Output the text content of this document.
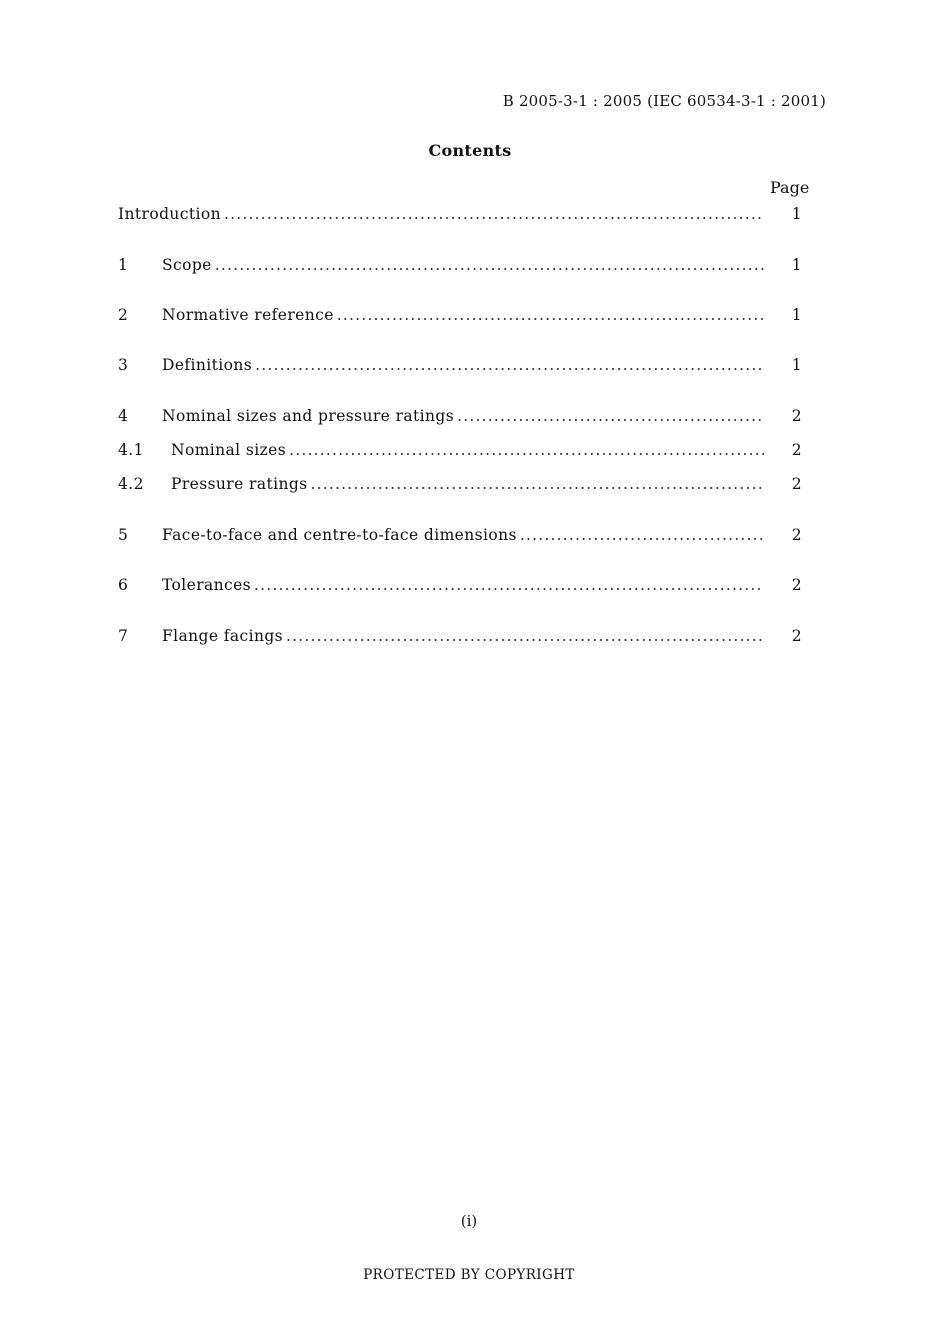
B 2005-3-1 : 2005 (IEC 60534-3-1 : 2001)
Contents
Page
Introduction .....	1
1 Scope .....	1
2 Normative reference .....	1
3 Definitions .....	1
4 Nominal sizes and pressure ratings .....	2
4.1 Nominal sizes .....	2
4.2 Pressure ratings .....	2
5 Face-to-face and centre-to-face dimensions .....	2
6 Tolerances .....	2
7 Flange facings .....	2
(i)
PROTECTED BY COPYRIGHT
